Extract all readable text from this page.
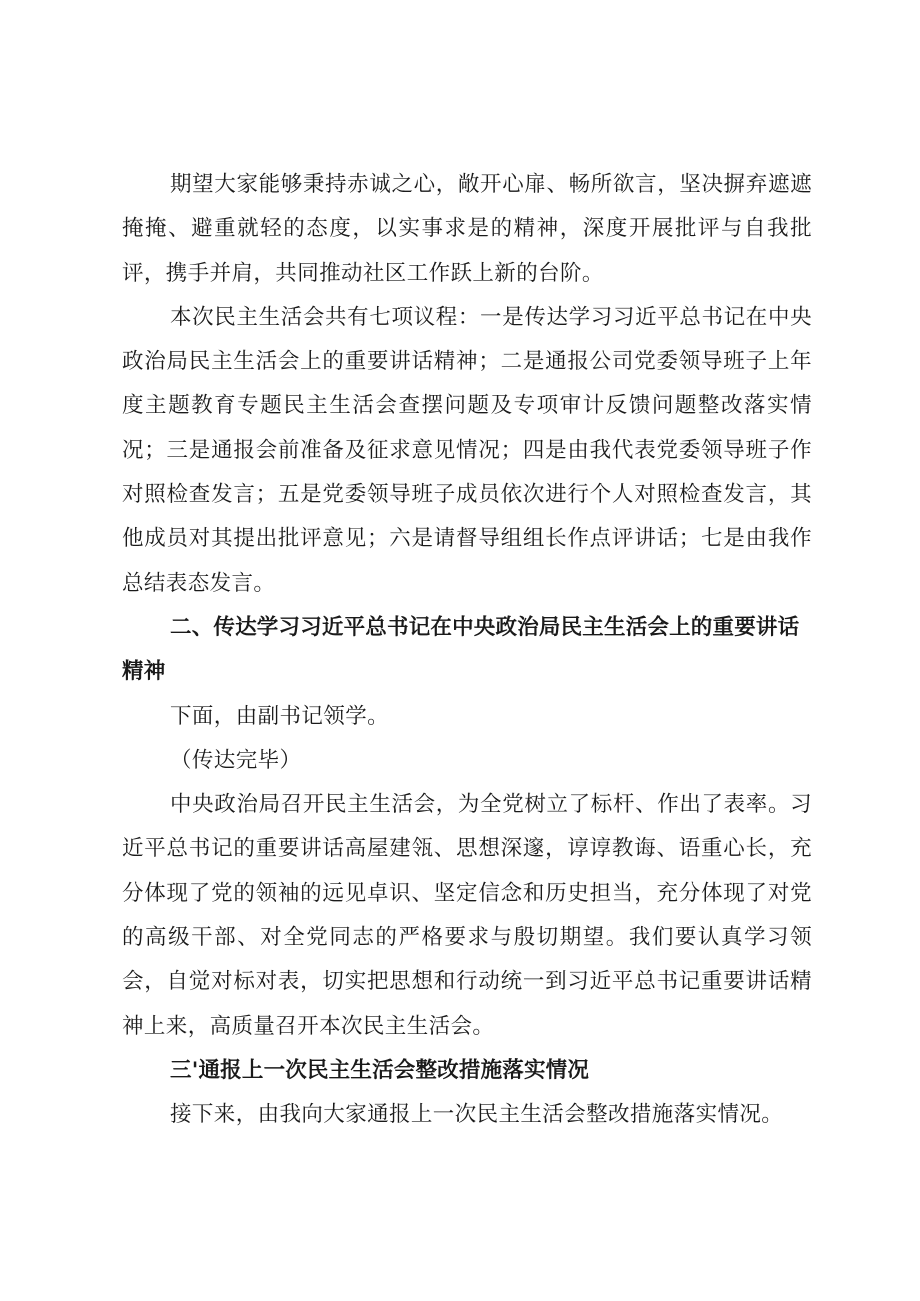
期望大家能够秉持赤诚之心，敞开心扉、畅所欲言，坚决摒弃遮遮掩掩、避重就轻的态度，以实事求是的精神，深度开展批评与自我批评，携手并肩，共同推动社区工作跃上新的台阶。

本次民主生活会共有七项议程：一是传达学习习近平总书记在中央政治局民主生活会上的重要讲话精神；二是通报公司党委领导班子上年度主题教育专题民主生活会查摆问题及专项审计反馈问题整改落实情况；三是通报会前准备及征求意见情况；四是由我代表党委领导班子作对照检查发言；五是党委领导班子成员依次进行个人对照检查发言，其他成员对其提出批评意见；六是请督导组组长作点评讲话；七是由我作总结表态发言。

二、传达学习习近平总书记在中央政治局民主生活会上的重要讲话精神

下面，由副书记领学。

（传达完毕）

中央政治局召开民主生活会，为全党树立了标杆、作出了表率。习近平总书记的重要讲话高屋建瓴、思想深邃，谆谆教诲、语重心长，充分体现了党的领袖的远见卓识、坚定信念和历史担当，充分体现了对党的高级干部、对全党同志的严格要求与殷切期望。我们要认真学习领会，自觉对标对表，切实把思想和行动统一到习近平总书记重要讲话精神上来，高质量召开本次民主生活会。

三'通报上一次民主生活会整改措施落实情况

接下来，由我向大家通报上一次民主生活会整改措施落实情况。
